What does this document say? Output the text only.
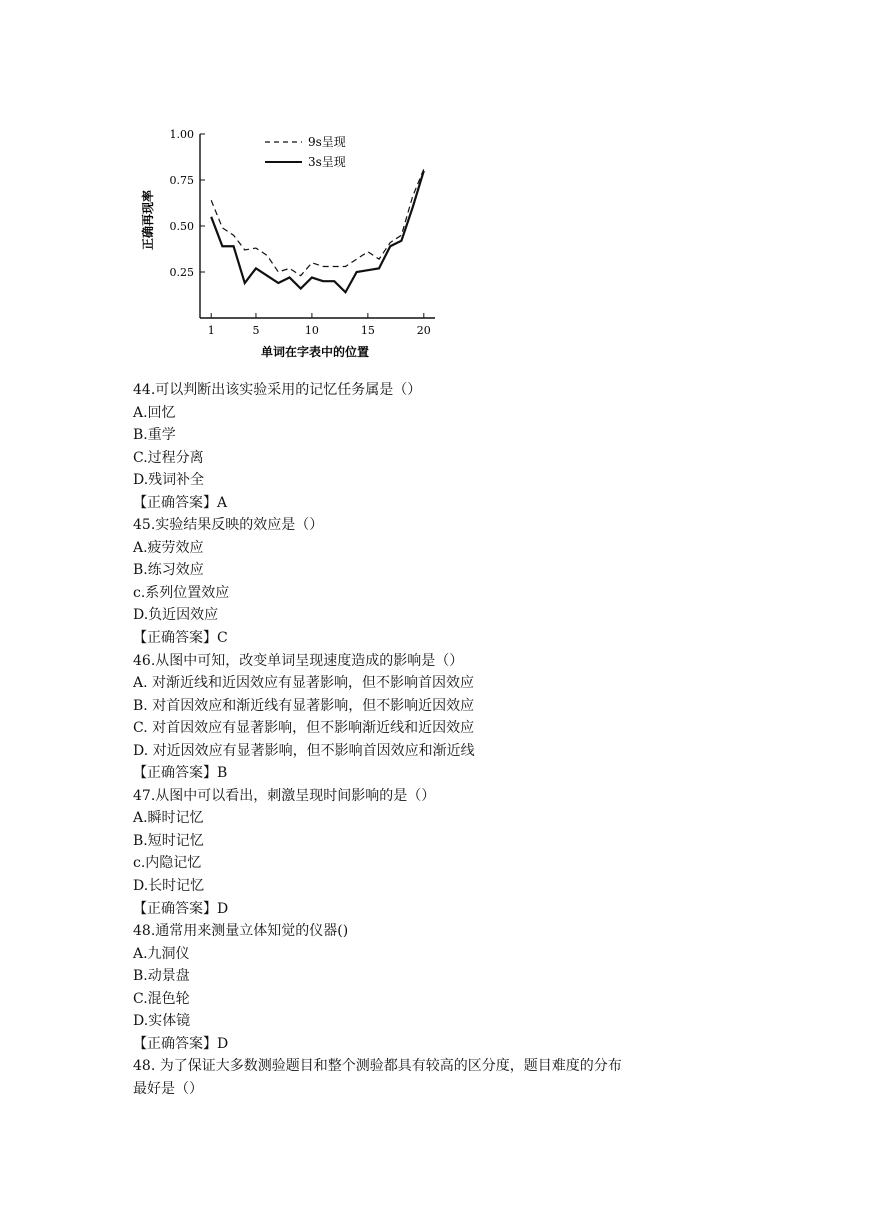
0.25
0.50
0.75
1.00
1	5	10	15	20
9s呈现
3s呈现
正确再现率
单词在字表中的位置
44.可以判断出该实验采用的记忆任务属是（）
A.回忆
B.重学
C.过程分离
D.残词补全
【正确答案】A
45.实验结果反映的效应是（）
A.疲劳效应
B.练习效应
c.系列位置效应
D.负近因效应
【正确答案】C
46.从图中可知，改变单词呈现速度造成的影响是（）
A. 对渐近线和近因效应有显著影响，但不影响首因效应
B. 对首因效应和渐近线有显著影响，但不影响近因效应
C. 对首因效应有显著影响，但不影响渐近线和近因效应
D. 对近因效应有显著影响，但不影响首因效应和渐近线
【正确答案】B
47.从图中可以看出，刺激呈现时间影响的是（）
A.瞬时记忆
B.短时记忆
c.内隐记忆
D.长时记忆
【正确答案】D
48.通常用来测量立体知觉的仪器()
A.九洞仪
B.动景盘
C.混色轮
D.实体镜
【正确答案】D
48. 为了保证大多数测验题目和整个测验都具有较高的区分度，题目难度的分布
最好是（）
